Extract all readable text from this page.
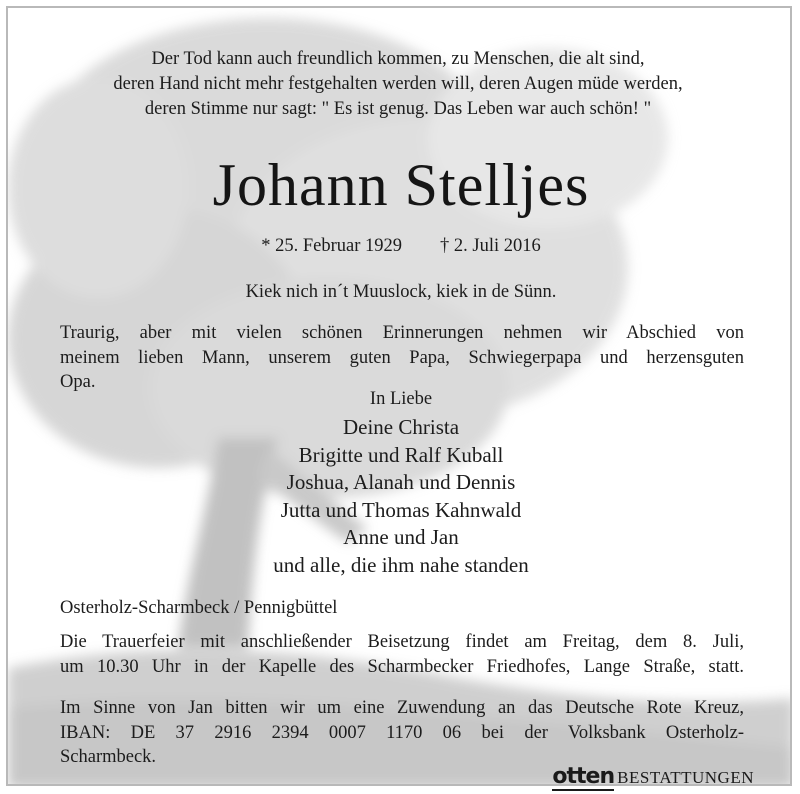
Der Tod kann auch freundlich kommen, zu Menschen, die alt sind,
deren Hand nicht mehr festgehalten werden will, deren Augen müde werden,
deren Stimme nur sagt: " Es ist genug. Das Leben war auch schön! "
Johann Stelljes
* 25. Februar 1929 † 2. Juli 2016
Kiek nich in´t Muuslock, kiek in de Sünn.
Traurig, aber mit vielen schönen Erinnerungen nehmen wir Abschied von
meinem lieben Mann, unserem guten Papa, Schwiegerpapa und herzensguten
Opa.
In Liebe
Deine Christa
Brigitte und Ralf Kuball
Joshua, Alanah und Dennis
Jutta und Thomas Kahnwald
Anne und Jan
und alle, die ihm nahe standen
Osterholz-Scharmbeck / Pennigbüttel
Die Trauerfeier mit anschließender Beisetzung findet am Freitag, dem 8. Juli,
um 10.30 Uhr in der Kapelle des Scharmbecker Friedhofes, Lange Straße, statt.
Im Sinne von Jan bitten wir um eine Zuwendung an das Deutsche Rote Kreuz,
IBAN: DE 37 2916 2394 0007 1170 06 bei der Volksbank Osterholz-
Scharmbeck.
otten BESTATTUNGEN
